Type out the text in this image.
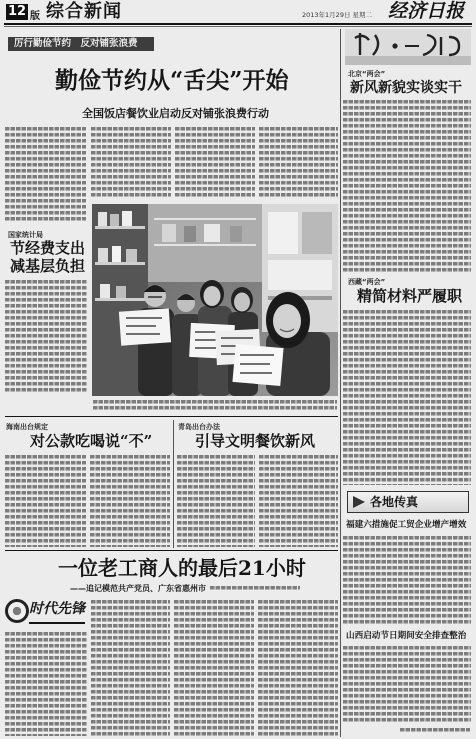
12 版 综合新闻	2013年1月29日 星期二 经济日报
厉行勤俭节约　反对铺张浪费
勤俭节约从“舌尖”开始
全国饭店餐饮业启动反对铺张浪费行动
国家统计局
节经费支出
减基层负担
海南出台规定
对公款吃喝说“不”
青岛出台办法
引导文明餐饮新风
一位老工商人的最后21小时
——追记模范共产党员、广东省惠州市
时代先锋
北京“两会”
新风新貌实谈实干
西藏“两会”
精简材料严履职
各地传真
福建六措施促工贸企业增产增效
山西启动节日期间安全排查整治
